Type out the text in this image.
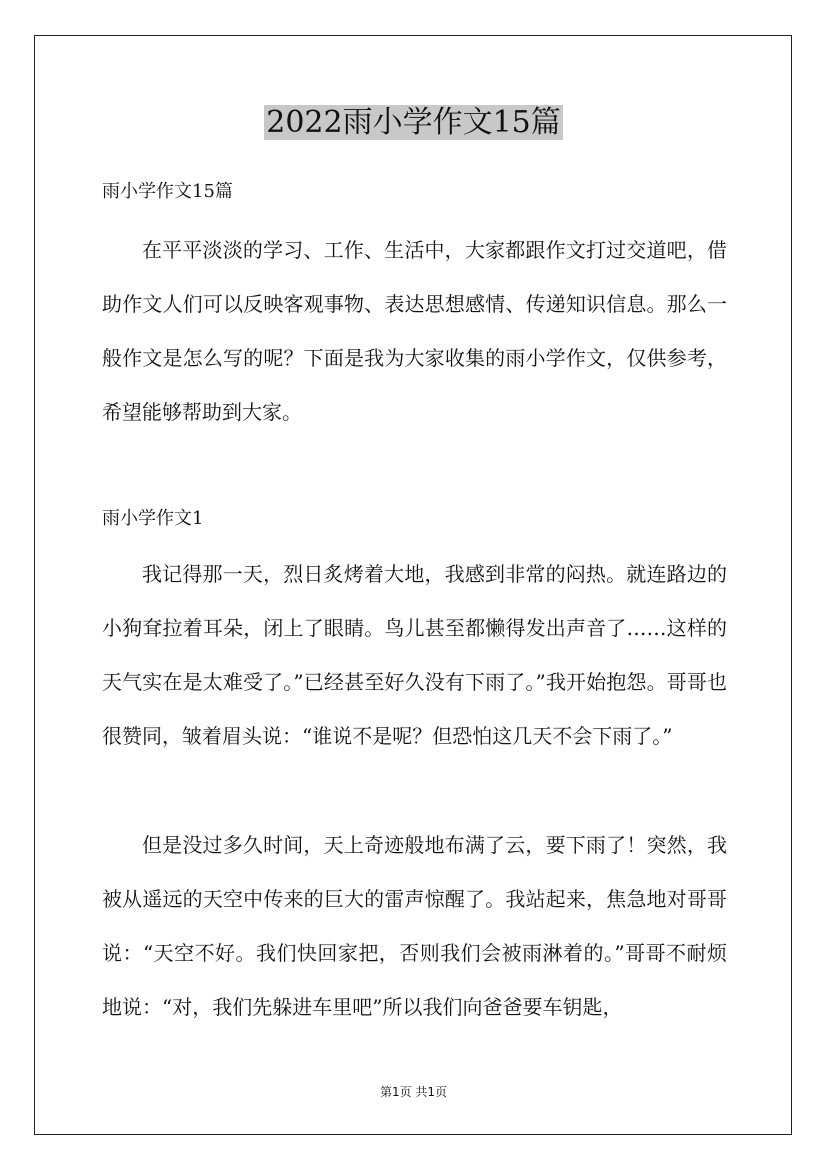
2022雨小学作文15篇
雨小学作文15篇

在平平淡淡的学习、工作、生活中，大家都跟作文打过交道吧，借助作文人们可以反映客观事物、表达思想感情、传递知识信息。那么一般作文是怎么写的呢？下面是我为大家收集的雨小学作文，仅供参考，希望能够帮助到大家。

雨小学作文1

我记得那一天，烈日炙烤着大地，我感到非常的闷热。就连路边的小狗耷拉着耳朵，闭上了眼睛。鸟儿甚至都懒得发出声音了……这样的天气实在是太难受了。”已经甚至好久没有下雨了。”我开始抱怨。哥哥也很赞同，皱着眉头说：“谁说不是呢？但恐怕这几天不会下雨了。”

但是没过多久时间，天上奇迹般地布满了云，要下雨了！突然，我被从遥远的天空中传来的巨大的雷声惊醒了。我站起来，焦急地对哥哥说：“天空不好。我们快回家把，否则我们会被雨淋着的。”哥哥不耐烦地说：“对，我们先躲进车里吧”所以我们向爸爸要车钥匙，

第1页 共1页
